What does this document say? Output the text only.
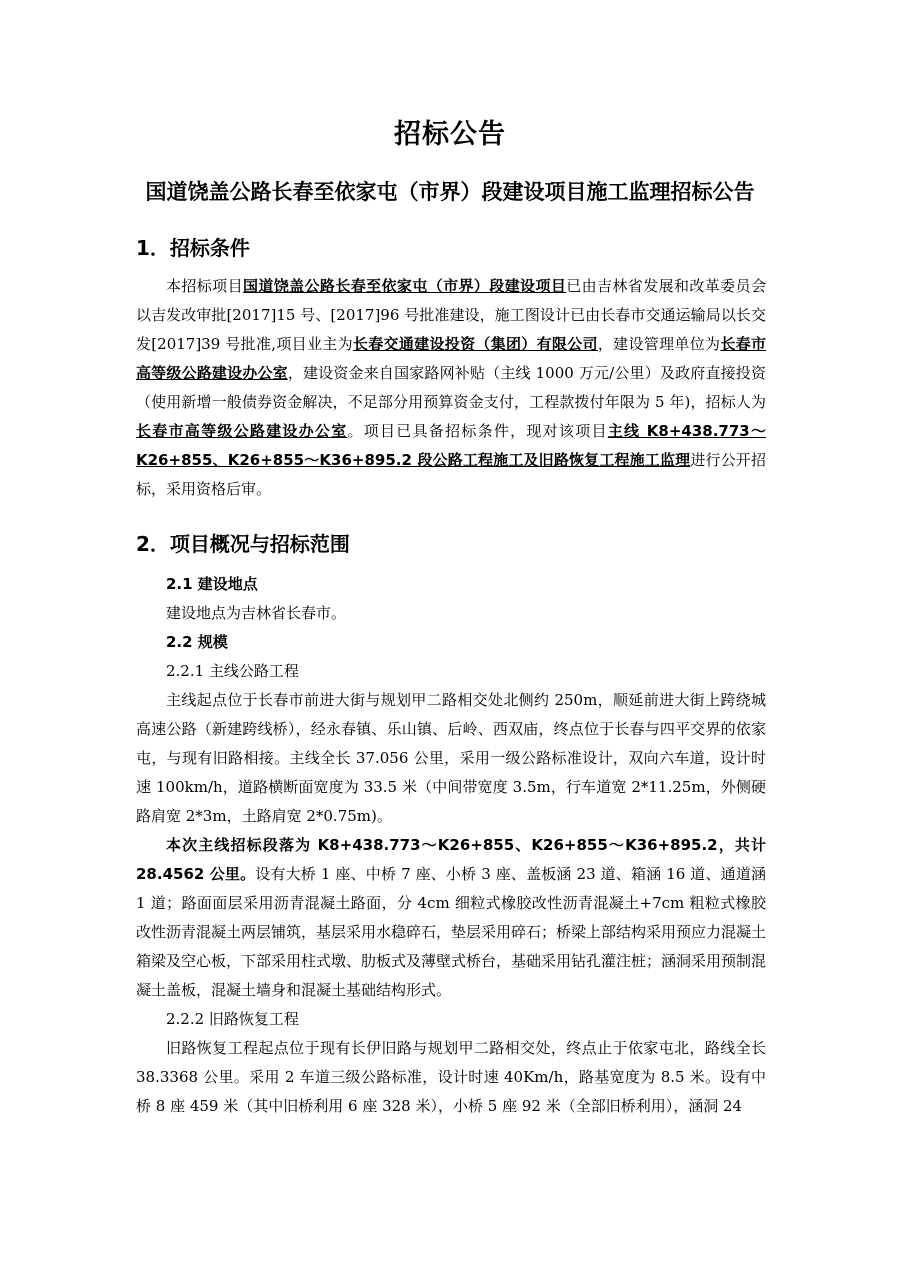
招标公告
国道饶盖公路长春至依家屯（市界）段建设项目施工监理招标公告
1．招标条件

本招标项目国道饶盖公路长春至依家屯（市界）段建设项目已由吉林省发展和改革委员会以吉发改审批[2017]15 号、[2017]96 号批准建设，施工图设计已由长春市交通运输局以长交发[2017]39 号批准,项目业主为长春交通建设投资（集团）有限公司，建设管理单位为长春市高等级公路建设办公室，建设资金来自国家路网补贴（主线 1000 万元/公里）及政府直接投资（使用新增一般债券资金解决，不足部分用预算资金支付，工程款拨付年限为 5 年)，招标人为长春市高等级公路建设办公室。项目已具备招标条件，现对该项目主线 K8+438.773～K26+855、K26+855～K36+895.2 段公路工程施工及旧路恢复工程施工监理进行公开招标，采用资格后审。

2．项目概况与招标范围

2.1 建设地点

建设地点为吉林省长春市。

2.2 规模

2.2.1 主线公路工程

主线起点位于长春市前进大街与规划甲二路相交处北侧约 250m，顺延前进大街上跨绕城高速公路（新建跨线桥），经永春镇、乐山镇、后岭、西双庙，终点位于长春与四平交界的依家屯，与现有旧路相接。主线全长 37.056 公里，采用一级公路标准设计，双向六车道，设计时速 100km/h，道路横断面宽度为 33.5 米（中间带宽度 3.5m，行车道宽 2*11.25m，外侧硬路肩宽 2*3m，土路肩宽 2*0.75m)。

本次主线招标段落为 K8+438.773～K26+855、K26+855～K36+895.2，共计 28.4562 公里。设有大桥 1 座、中桥 7 座、小桥 3 座、盖板涵 23 道、箱涵 16 道、通道涵 1 道；路面面层采用沥青混凝土路面，分 4cm 细粒式橡胶改性沥青混凝土+7cm 粗粒式橡胶改性沥青混凝土两层铺筑，基层采用水稳碎石，垫层采用碎石；桥梁上部结构采用预应力混凝土箱梁及空心板，下部采用柱式墩、肋板式及薄壁式桥台，基础采用钻孔灌注桩；涵洞采用预制混凝土盖板，混凝土墙身和混凝土基础结构形式。

2.2.2 旧路恢复工程

旧路恢复工程起点位于现有长伊旧路与规划甲二路相交处，终点止于依家屯北，路线全长 38.3368 公里。采用 2 车道三级公路标准，设计时速 40Km/h，路基宽度为 8.5 米。设有中桥 8 座 459 米（其中旧桥利用 6 座 328 米），小桥 5 座 92 米（全部旧桥利用），涵洞 24
